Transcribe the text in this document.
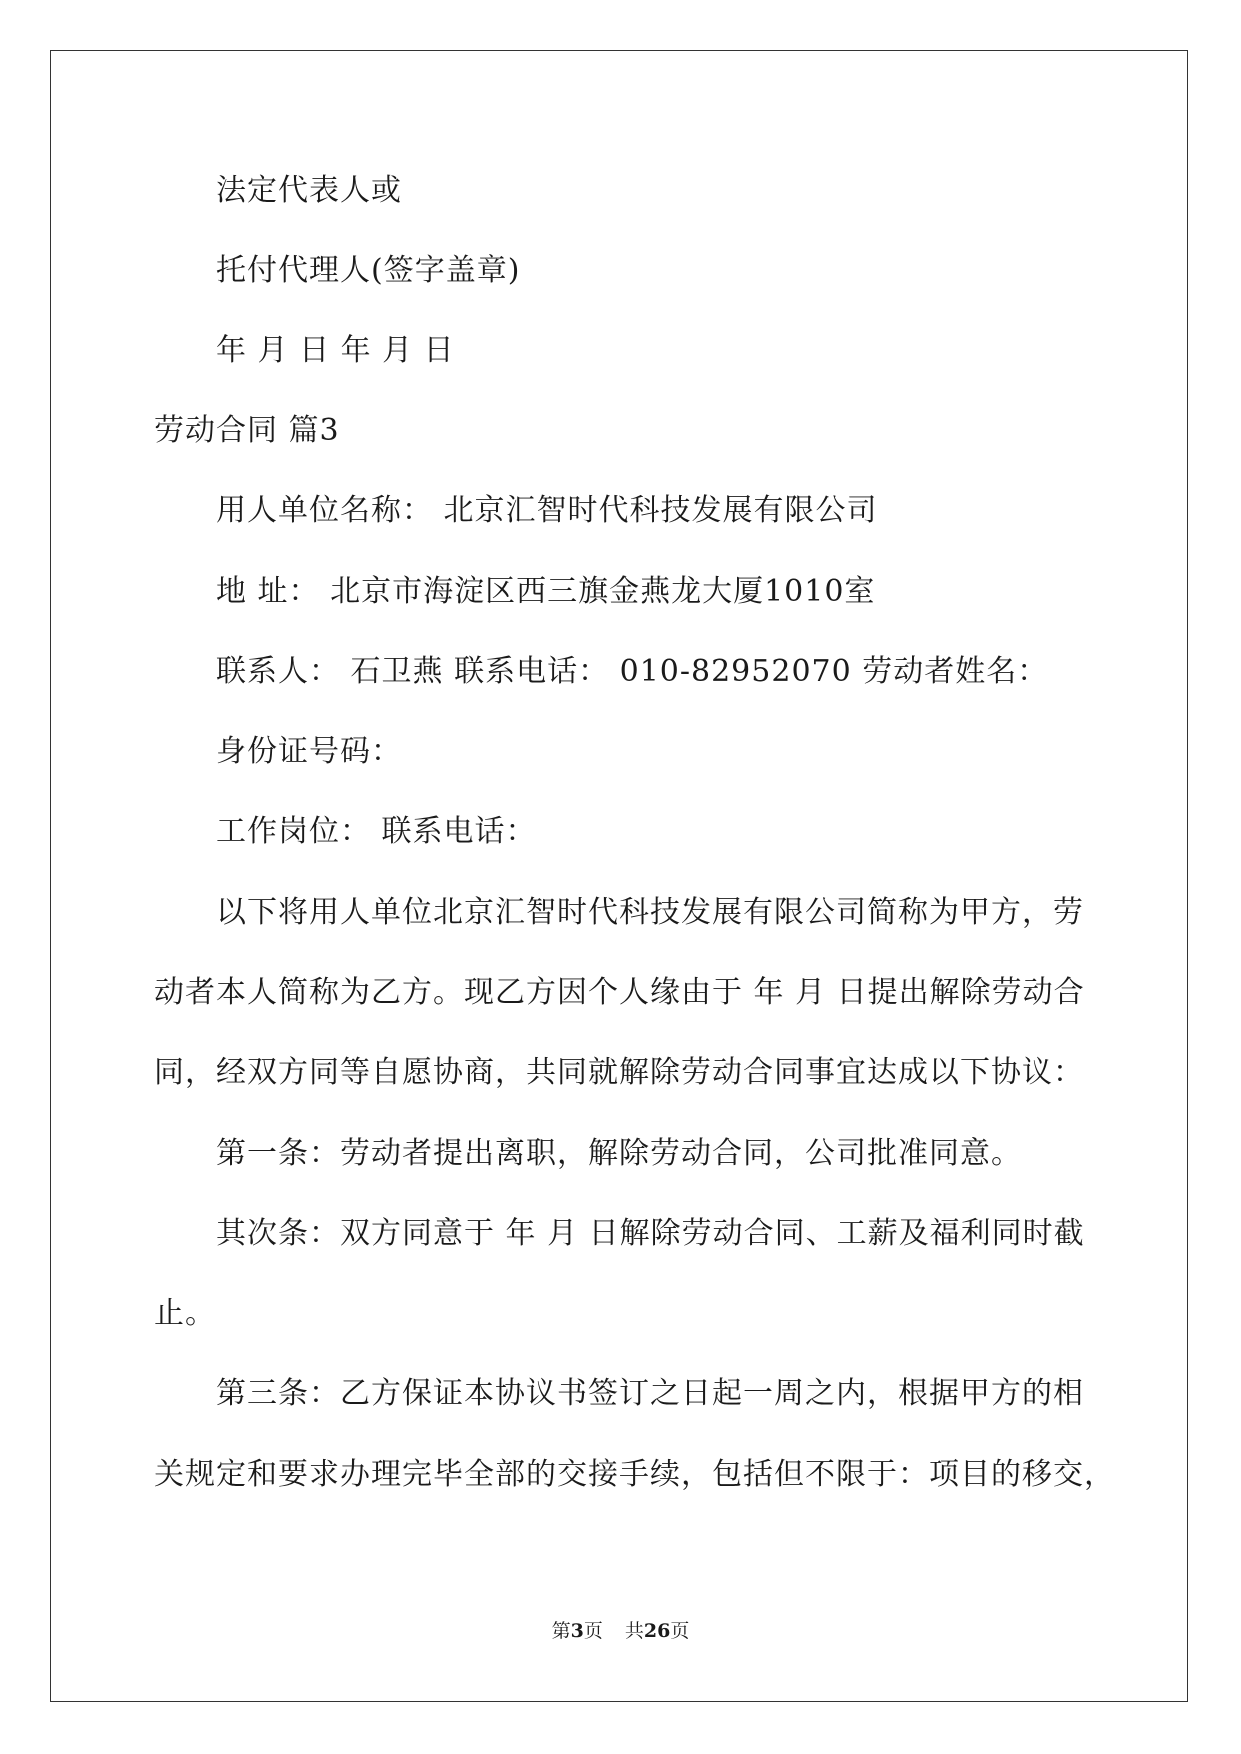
法定代表人或
托付代理人(签字盖章)
年 月 日 年 月 日
劳动合同 篇3
用人单位名称： 北京汇智时代科技发展有限公司
地 址： 北京市海淀区西三旗金燕龙大厦1010室
联系人： 石卫燕 联系电话： 010-82952070 劳动者姓名：
身份证号码：
工作岗位： 联系电话：
以下将用人单位北京汇智时代科技发展有限公司简称为甲方，劳
动者本人简称为乙方。现乙方因个人缘由于 年 月 日提出解除劳动合
同，经双方同等自愿协商，共同就解除劳动合同事宜达成以下协议：
第一条：劳动者提出离职，解除劳动合同，公司批准同意。
其次条：双方同意于 年 月 日解除劳动合同、工薪及福利同时截
止。
第三条：乙方保证本协议书签订之日起一周之内，根据甲方的相
关规定和要求办理完毕全部的交接手续，包括但不限于：项目的移交，
第3页 共26页
